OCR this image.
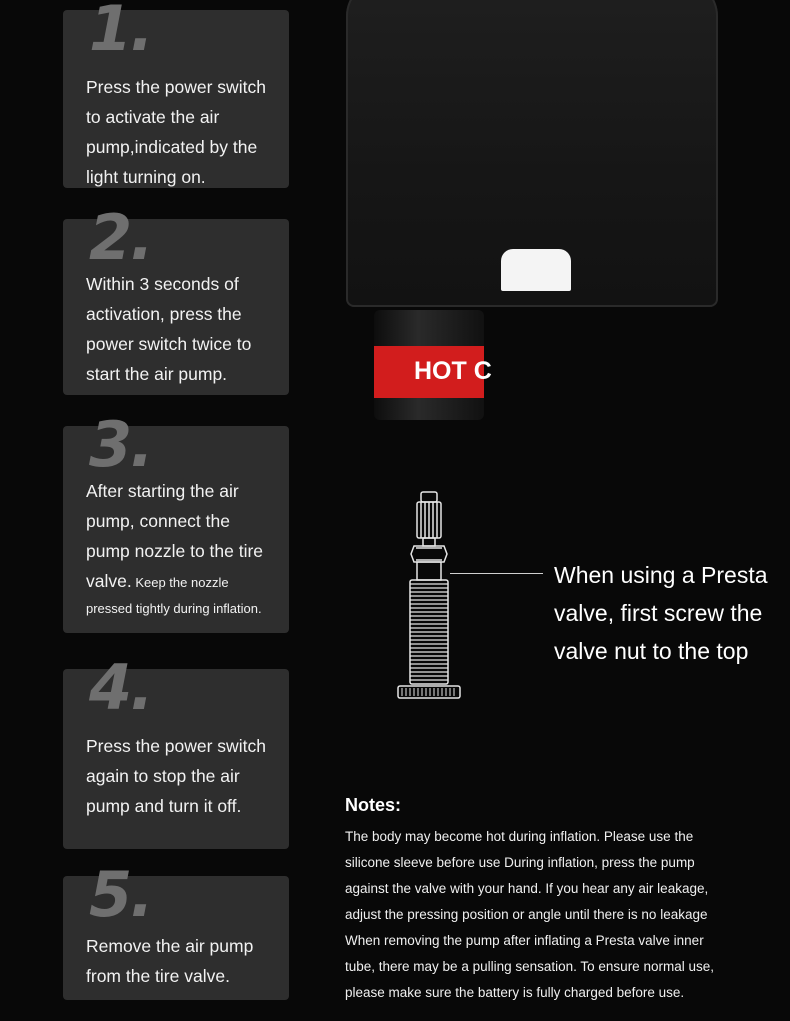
1.
Press the power switch to activate the air pump,indicated by the light turning on.
2.
Within 3 seconds of activation, press the power switch twice to start the air pump.
3.
After starting the air
pump, connect the
pump nozzle to the tire
valve. Keep the nozzle
pressed tightly during inflation.
4.
Press the power switch again to stop the air pump and turn it off.
5.
Remove the air pump from the tire valve.
HOT C
When using a Presta
valve, first screw the
valve nut to the top
Notes:
The body may become hot during inflation. Please use the
silicone sleeve before use During inflation, press the pump
against the valve with your hand. If you hear any air leakage,
adjust the pressing position or angle until there is no leakage
When removing the pump after inflating a Presta valve inner
tube, there may be a pulling sensation. To ensure normal use,
please make sure the battery is fully charged before use.
